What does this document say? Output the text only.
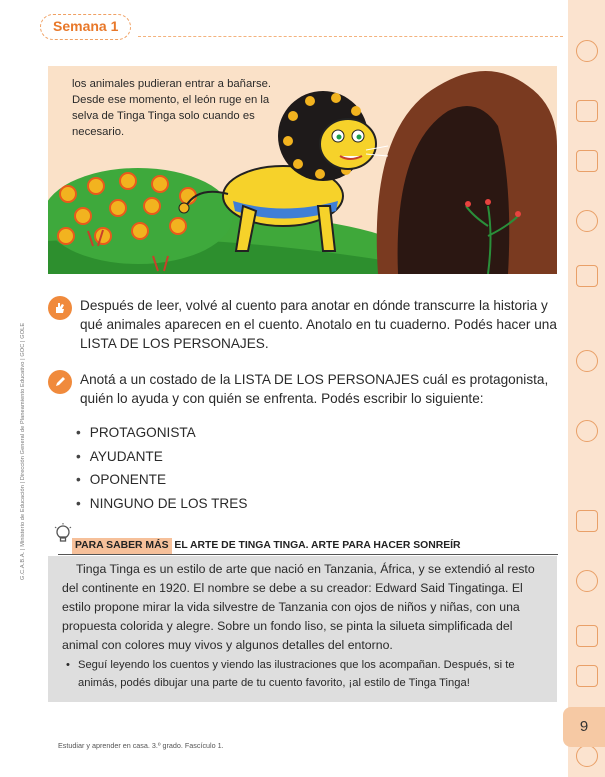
Semana 1
9
G.C.A.B.A. | Ministerio de Educación | Dirección General de Planeamiento Educativo | GOC | GOLE
los animales pudieran entrar a bañarse. Desde ese momento, el león ruge en la selva de Tinga Tinga solo cuando es necesario.
Después de leer, volvé al cuento para anotar en dónde transcurre la historia y qué animales aparecen en el cuento. Anotalo en tu cuaderno. Podés hacer una LISTA DE LOS PERSONAJES.
Anotá a un costado de la LISTA DE LOS PERSONAJES cuál es protagonista, quién lo ayuda y con quién se enfrenta. Podés escribir lo siguiente:
• PROTAGONISTA
• AYUDANTE
• OPONENTE
• NINGUNO DE LOS TRES
PARA SABER MÁS EL ARTE DE TINGA TINGA. ARTE PARA HACER SONREÍR

Tinga Tinga es un estilo de arte que nació en Tanzania, África, y se extendió al resto del continente en 1920. El nombre se debe a su creador: Edward Said Tingatinga. El estilo propone mirar la vida silvestre de Tanzania con ojos de niños y niñas, con una propuesta colorida y alegre. Sobre un fondo liso, se pinta la silueta simplificada del animal con colores muy vivos y algunos detalles del entorno.

• Seguí leyendo los cuentos y viendo las ilustraciones que los acompañan. Después, si te animás, podés dibujar una parte de tu cuento favorito, ¡al estilo de Tinga Tinga!

Estudiar y aprender en casa. 3.º grado. Fascículo 1.
